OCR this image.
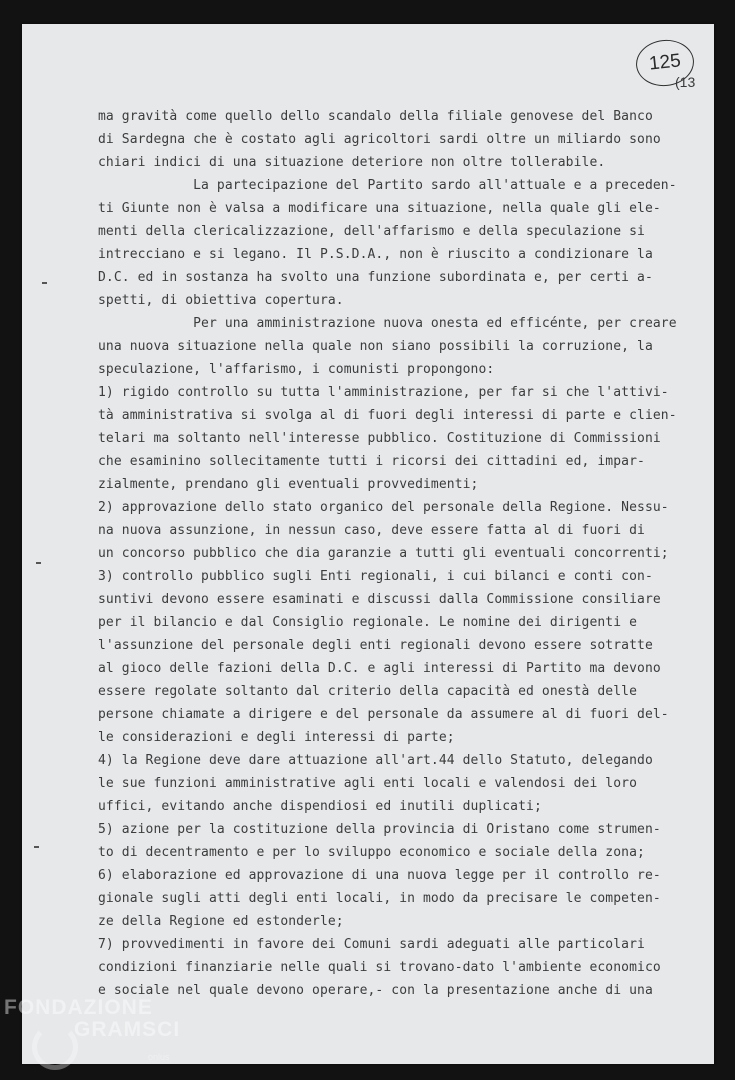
125
(13
ma gravità come quello dello scandalo della filiale genovese del Banco
di Sardegna che è costato agli agricoltori sardi oltre un miliardo sono
chiari indici di una situazione deteriore non oltre tollerabile.
La partecipazione del Partito sardo all'attuale e a preceden-
ti Giunte non è valsa a modificare una situazione, nella quale gli ele-
menti della clericalizzazione, dell'affarismo e della speculazione si
intrecciano e si legano. Il P.S.D.A., non è riuscito a condizionare la
D.C. ed in sostanza ha svolto una funzione subordinata e, per certi a-
spetti, di obiettiva copertura.
Per una amministrazione nuova onesta ed efficénte, per creare
una nuova situazione nella quale non siano possibili la corruzione, la
speculazione, l'affarismo, i comunisti propongono:
1) rigido controllo su tutta l'amministrazione, per far si che l'attivi-
tà amministrativa si svolga al di fuori degli interessi di parte e clien-
telari ma soltanto nell'interesse pubblico. Costituzione di Commissioni
che esaminino sollecitamente tutti i ricorsi dei cittadini ed, impar-
zialmente, prendano gli eventuali provvedimenti;
2) approvazione dello stato organico del personale della Regione. Nessu-
na nuova assunzione, in nessun caso, deve essere fatta al di fuori di
un concorso pubblico che dia garanzie a tutti gli eventuali concorrenti;
3) controllo pubblico sugli Enti regionali, i cui bilanci e conti con-
suntivi devono essere esaminati e discussi dalla Commissione consiliare
per il bilancio e dal Consiglio regionale. Le nomine dei dirigenti e
l'assunzione del personale degli enti regionali devono essere sotratte
al gioco delle fazioni della D.C. e agli interessi di Partito ma devono
essere regolate soltanto dal criterio della capacità ed onestà delle
persone chiamate a dirigere e del personale da assumere al di fuori del-
le considerazioni e degli interessi di parte;
4) la Regione deve dare attuazione all'art.44 dello Statuto, delegando
le sue funzioni amministrative agli enti locali e valendosi dei loro
uffici, evitando anche dispendiosi ed inutili duplicati;
5) azione per la costituzione della provincia di Oristano come strumen-
to di decentramento e per lo sviluppo economico e sociale della zona;
6) elaborazione ed approvazione di una nuova legge per il controllo re-
gionale sugli atti degli enti locali, in modo da precisare le competen-
ze della Regione ed estonderle;
7) provvedimenti in favore dei Comuni sardi adeguati alle particolari
condizioni finanziarie nelle quali si trovano-dato l'ambiente economico
e sociale nel quale devono operare,- con la presentazione anche di una
FONDAZIONE
GRAMSCI
onlus
